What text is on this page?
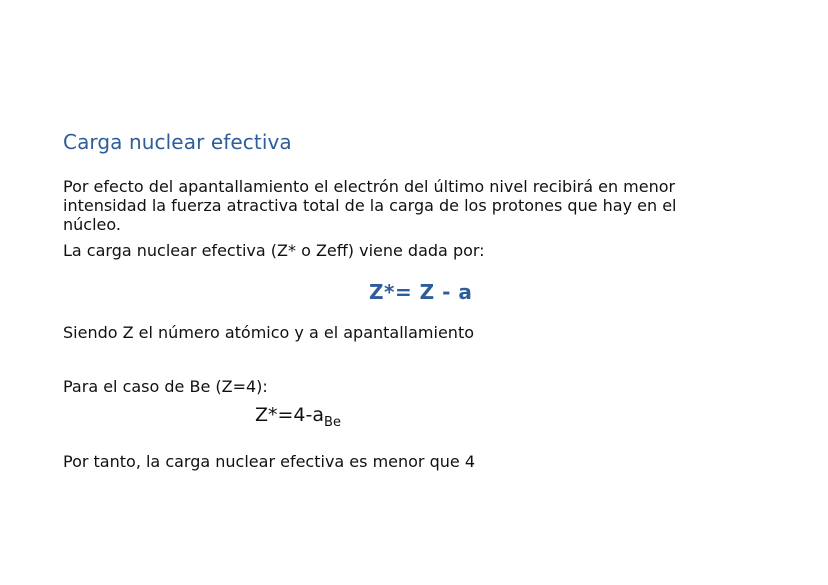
Carga nuclear efectiva
Por efecto del apantallamiento el electrón del último nivel recibirá en menor intensidad la fuerza atractiva total de la carga de los protones que hay en el núcleo.
La carga nuclear efectiva (Z* o Zeff) viene dada por:
Z*= Z - a
Siendo Z el número atómico y a el apantallamiento
Para el caso de Be (Z=4):
$Z*=4-a_{Be}$
Por tanto, la carga nuclear efectiva es menor que 4
